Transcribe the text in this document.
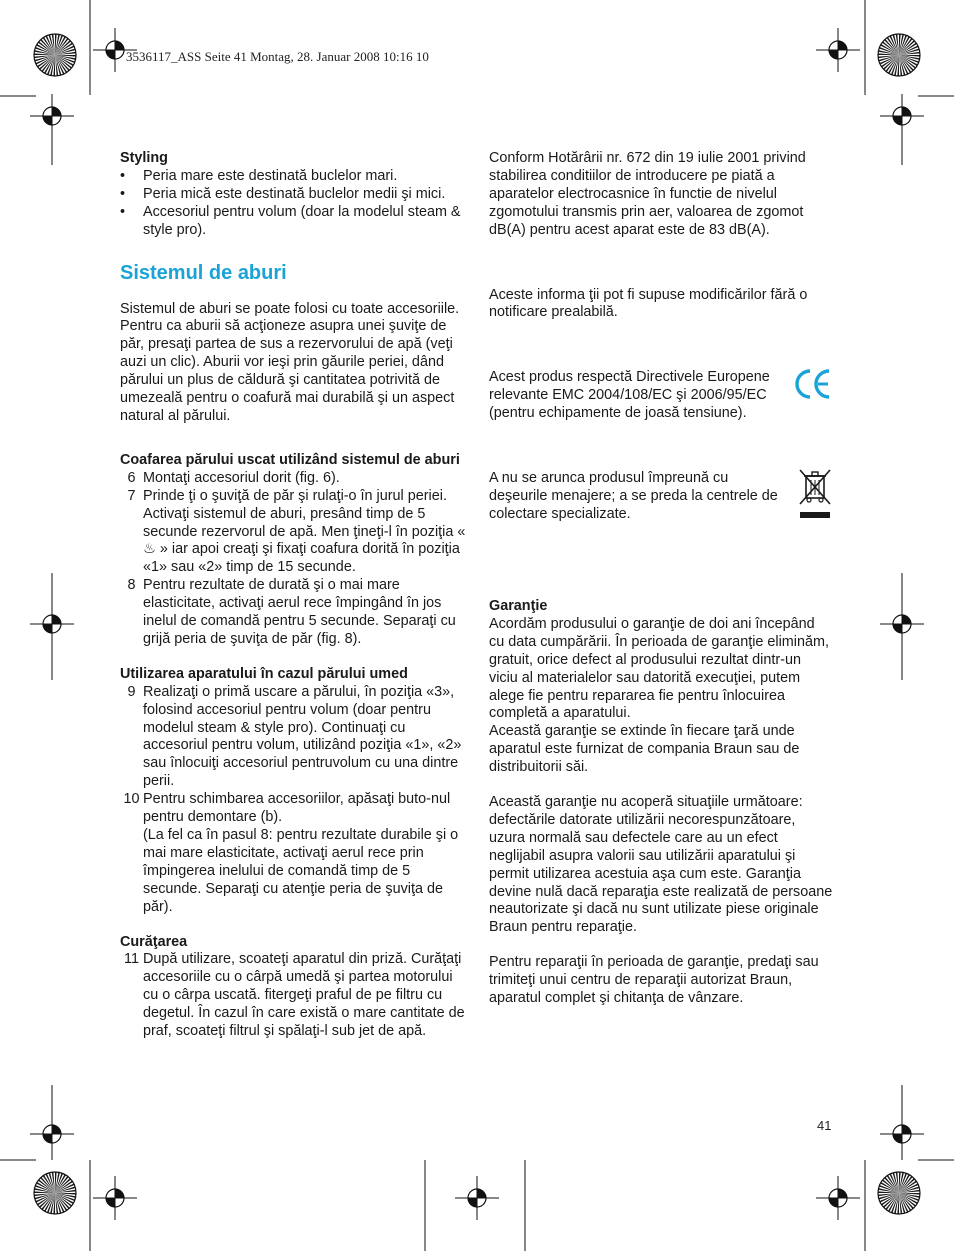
3536117_ASS Seite 41 Montag, 28. Januar 2008 10:16 10
Styling
•	Peria mare este destinată buclelor mari.
•	Peria mică este destinată buclelor medii şi mici.
•	Accesoriul pentru volum (doar la modelul steam & style pro).
Sistemul de aburi

Sistemul de aburi se poate folosi cu toate accesoriile. Pentru ca aburii să acţioneze asupra unei şuviţe de păr, presaţi partea de sus a rezervorului de apă (veţi auzi un clic). Aburii vor ieşi prin găurile periei, dând părului un plus de căldură şi cantitatea potrivită de umezeală pentru o coafură mai durabilă şi un aspect natural al părului.

Coafarea părului uscat utilizând sistemul de aburi
6 Montaţi accesoriul dorit (fig. 6).
7 Prinde ţi o şuviţă de păr şi rulaţi-o în jurul periei. Activaţi sistemul de aburi, presând timp de 5 secunde rezervorul de apă. Men ţineţi-l în poziţia « ♨ » iar apoi creaţi şi fixaţi coafura dorită în poziţia «1» sau «2» timp de 15 secunde.
8 Pentru rezultate de durată şi o mai mare elasticitate, activaţi aerul rece împingând în jos inelul de comandă pentru 5 secunde. Separaţi cu grijă peria de şuviţa de păr (fig. 8).
Utilizarea aparatului în cazul părului umed
9 Realizaţi o primă uscare a părului, în poziţia «3», folosind accesoriul pentru volum (doar pentru modelul steam & style pro). Continuaţi cu accesoriul pentru volum, utilizând poziţia «1», «2» sau înlocuiţi accesoriul pentruvolum cu una dintre perii.
10 Pentru schimbarea accesoriilor, apăsaţi buto-nul pentru demontare (b).
(La fel ca în pasul 8: pentru rezultate durabile şi o mai mare elasticitate, activaţi aerul rece prin împingerea inelului de comandă timp de 5 secunde. Separaţi cu atenţie peria de şuviţa de păr).
Curăţarea
11 După utilizare, scoateţi aparatul din priză. Curăţaţi accesoriile cu o cârpă umedă şi partea motorului cu o cârpa uscată. fitergeţi praful de pe filtru cu degetul. În cazul în care există o mare cantitate de praf, scoateţi filtrul şi spălaţi-l sub jet de apă.

Conform Hotărârii nr. 672 din 19 iulie 2001 privind stabilirea conditiilor de introducere pe piată a aparatelor electrocasnice în functie de nivelul zgomotului transmis prin aer, valoarea de zgomot dB(A) pentru acest aparat este de 83 dB(A).

Aceste informa ţii pot fi supuse modificărilor fără o notificare prealabilă.

Acest produs respectă Directivele Europene relevante EMC 2004/108/EC şi 2006/95/EC (pentru echipamente de joasă tensiune).
A nu se arunca produsul împreună cu deşeurile menajere; a se preda la centrele de colectare specializate.
Garanţie

Acordăm produsului o garanţie de doi ani începând cu data cumpărării. În perioada de garanţie eliminăm, gratuit, orice defect al produsului rezultat dintr-un viciu al materialelor sau datorită execuţiei, putem alege fie pentru repararea fie pentru înlocuirea completă a aparatului.

Această garanţie se extinde în fiecare ţară unde aparatul este furnizat de compania Braun sau de distribuitorii săi.

Această garanţie nu acoperă situaţiile următoare: defectările datorate utilizării necorespunzătoare, uzura normală sau defectele care au un efect neglijabil asupra valorii sau utilizării aparatului şi permit utilizarea acestuia aşa cum este. Garanţia devine nulă dacă reparaţia este realizată de persoane neautorizate şi dacă nu sunt utilizate piese originale Braun pentru reparaţie.

Pentru reparaţii în perioada de garanţie, predaţi sau trimiteţi unui centru de reparaţii autorizat Braun, aparatul complet şi chitanţa de vânzare.

41
